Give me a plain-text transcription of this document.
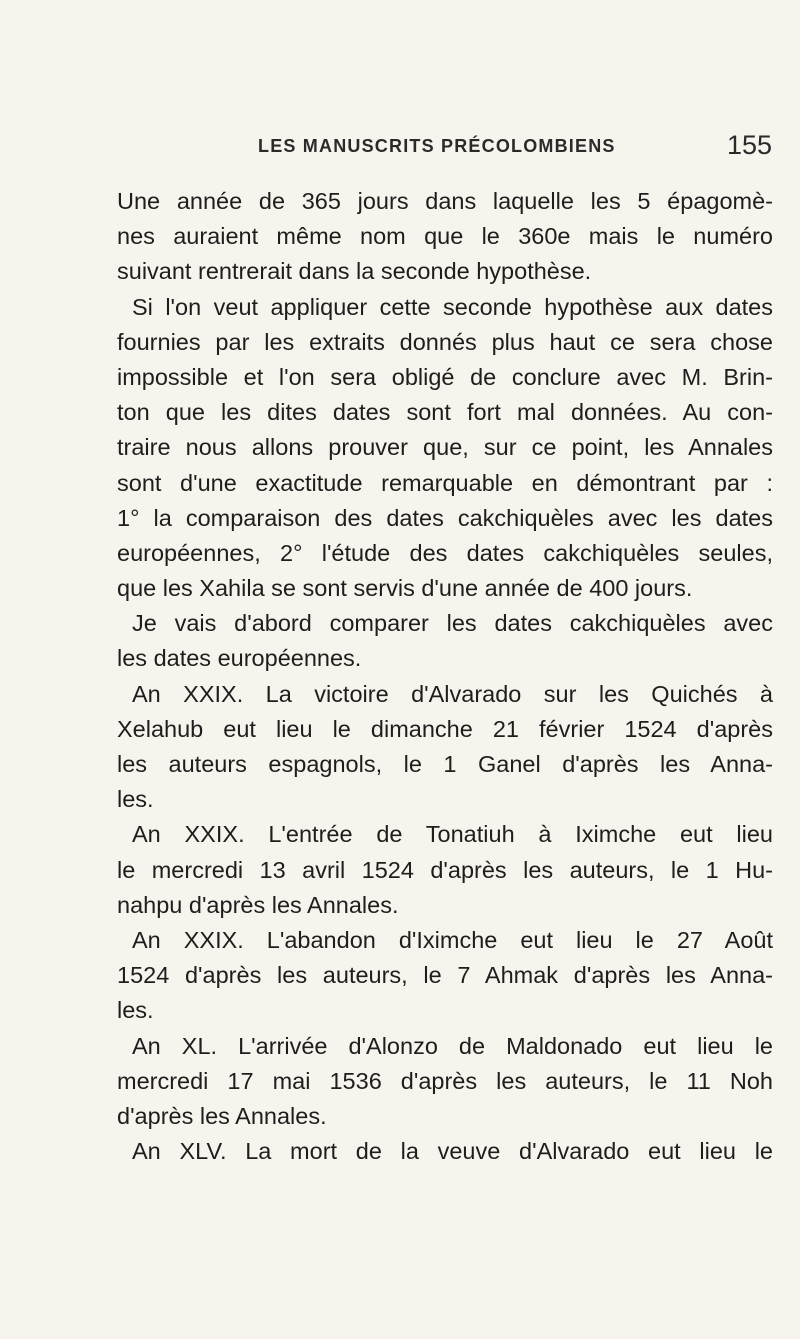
LES MANUSCRITS PRÉCOLOMBIENS	155
Une année de 365 jours dans laquelle les 5 épagomè-
nes auraient même nom que le 360e mais le numéro
suivant rentrerait dans la seconde hypothèse.
Si l'on veut appliquer cette seconde hypothèse aux dates
fournies par les extraits donnés plus haut ce sera chose
impossible et l'on sera obligé de conclure avec M. Brin-
ton que les dites dates sont fort mal données. Au con-
traire nous allons prouver que, sur ce point, les Annales
sont d'une exactitude remarquable en démontrant par :
1° la comparaison des dates cakchiquèles avec les dates
européennes, 2° l'étude des dates cakchiquèles seules,
que les Xahila se sont servis d'une année de 400 jours.
Je vais d'abord comparer les dates cakchiquèles avec
les dates européennes.
An XXIX. La victoire d'Alvarado sur les Quichés à
Xelahub eut lieu le dimanche 21 février 1524 d'après
les auteurs espagnols, le 1 Ganel d'après les Anna-
les.
An XXIX. L'entrée de Tonatiuh à Iximche eut lieu
le mercredi 13 avril 1524 d'après les auteurs, le 1 Hu-
nahpu d'après les Annales.
An XXIX. L'abandon d'Iximche eut lieu le 27 Août
1524 d'après les auteurs, le 7 Ahmak d'après les Anna-
les.
An XL. L'arrivée d'Alonzo de Maldonado eut lieu le
mercredi 17 mai 1536 d'après les auteurs, le 11 Noh
d'après les Annales.
An XLV. La mort de la veuve d'Alvarado eut lieu le
